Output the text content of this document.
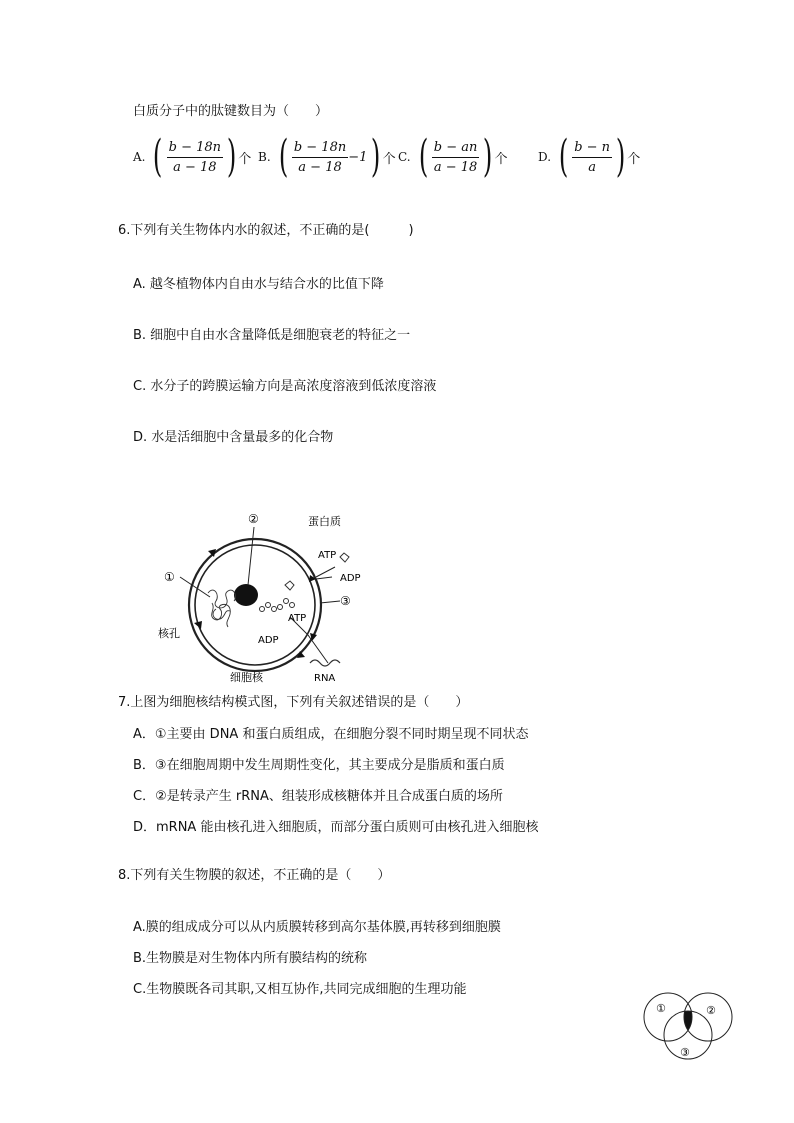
白质分子中的肽键数目为（　　）
A. ( $\frac{b - 18n}{a - 18}$ ) 个 B. ( $\frac{b - 18n}{a - 18} -1$ ) 个 C. ( $\frac{b - an}{a - 18}$ ) 个	D. ( $\frac{b - n}{a}$ ) 个
6.下列有关生物体内水的叙述，不正确的是(　　　)
A. 越冬植物体内自由水与结合水的比值下降
B. 细胞中自由水含量降低是细胞衰老的特征之一
C. 水分子的跨膜运输方向是高浓度溶液到低浓度溶液
D. 水是活细胞中含量最多的化合物
②	蛋白质
ATP
ADP
③
①
ATP
ADP
RNA
核孔
细胞核
7.上图为细胞核结构模式图，下列有关叙述错误的是（　　）
A．①主要由 DNA 和蛋白质组成，在细胞分裂不同时期呈现不同状态
B．③在细胞周期中发生周期性变化，其主要成分是脂质和蛋白质
C．②是转录产生 rRNA、组装形成核糖体并且合成蛋白质的场所
D．mRNA 能由核孔进入细胞质，而部分蛋白质则可由核孔进入细胞核
8.下列有关生物膜的叙述，不正确的是（　　）
A.膜的组成成分可以从内质膜转移到高尔基体膜,再转移到细胞膜
B.生物膜是对生物体内所有膜结构的统称
C.生物膜既各司其职,又相互协作,共同完成细胞的生理功能
①	②
③
